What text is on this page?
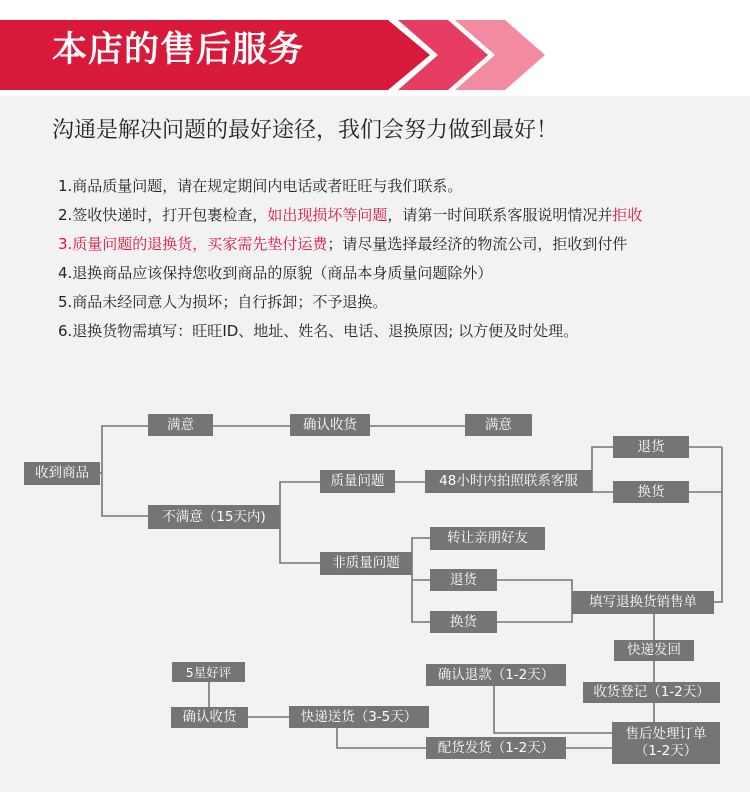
本店的售后服务
沟通是解决问题的最好途径，我们会努力做到最好！
1.商品质量问题，请在规定期间内电话或者旺旺与我们联系。
2.签收快递时，打开包裹检查，如出现损坏等问题，请第一时间联系客服说明情况并拒收
3.质量问题的退换货，买家需先垫付运费；请尽量选择最经济的物流公司，拒收到付件
4.退换商品应该保持您收到商品的原貌（商品本身质量问题除外）
5.商品未经同意人为损坏；自行拆卸；不予退换。
6.退换货物需填写：旺旺ID、地址、姓名、电话、退换原因; 以方便及时处理。
收到商品
满意	确认收货	满意
不满意（15天内)
质量问题	48小时内拍照联系客服
退货
换货
非质量问题
转让亲朋好友
退货
换货
填写退换货销售单
快递发回
收货登记（1-2天）
确认退款（1-2天）
售后处理订单
（1-2天）
配货发货（1-2天）
快递送货（3-5天）
确认收货
5星好评
